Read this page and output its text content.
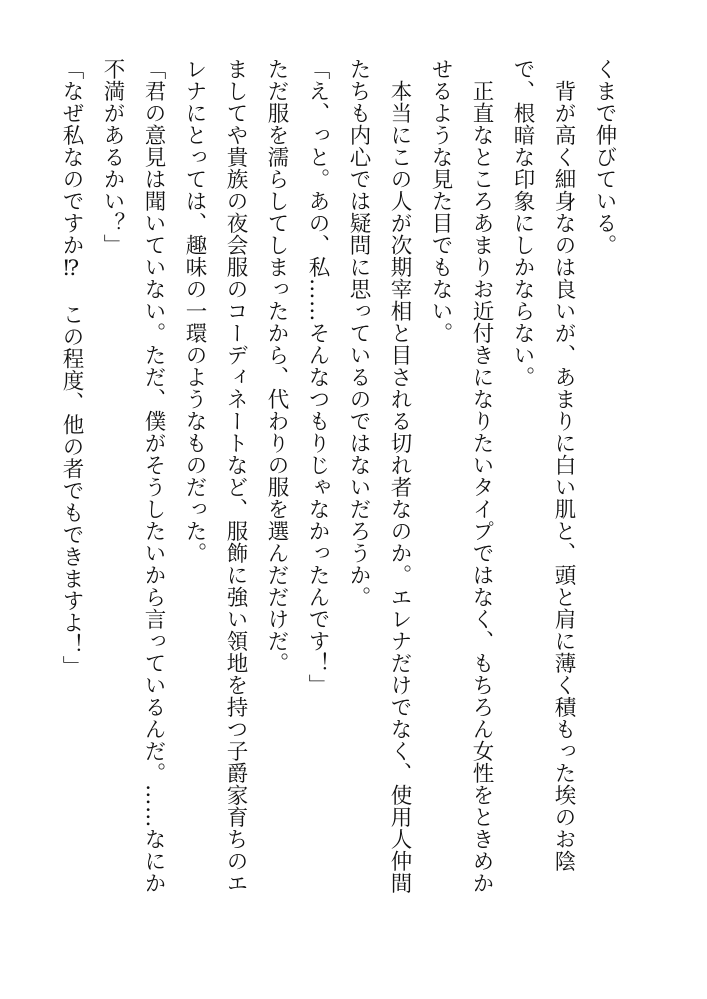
くまで伸びている。
　背が高く細身なのは良いが、あまりに白い肌と、頭と肩に薄く積もった埃のお陰
で、根暗な印象にしかならない。
　正直なところあまりお近付きになりたいタイプではなく、もちろん女性をときめか
せるような見た目でもない。
　本当にこの人が次期宰相と目される切れ者なのか。エレナだけでなく、使用人仲間
たちも内心では疑問に思っているのではないだろうか。
「え、っと。あの、私……そんなつもりじゃなかったんです！」
ただ服を濡らしてしまったから、代わりの服を選んだだけだ。
ましてや貴族の夜会服のコーディネートなど、服飾に強い領地を持つ子爵家育ちのエ
レナにとっては、趣味の一環のようなものだった。
「君の意見は聞いていない。ただ、僕がそうしたいから言っているんだ。……なにか
不満があるかい？」
「なぜ私なのですか⁉　この程度、他の者でもできますよ！」
